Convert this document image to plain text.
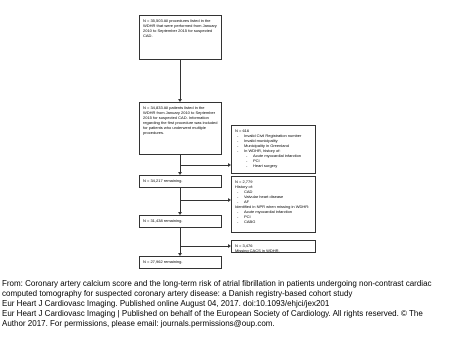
N = 35,503 All procedures listed in the WDHR that were performed from January 2010 to September 2015 for suspected CAD.

N = 34,833 All patients listed in the WDHR from January 2010 to September 2015 for suspected CAD. Information regarding the first procedure was included for patients who underwent multiple procedures.

N = 34,217 remaining.

N = 31,438 remaining.

N = 27,962 remaining.

N = 616

- Invalid Civil Registration number
- Invalid municipality
- Municipality in Greenland
- In WDHR, history of:
- Acute myocardial infarction
- PCI
- Heart surgery

N = 2,779

History of:

- CAD
- Valvular heart disease
- AF

Identified in NPR when missing in WDHR:

- Acute myocardial infarction
- PCI
- CABG

N = 3,476

Missing CACS in WDHR.

From: Coronary artery calcium score and the long-term risk of atrial fibrillation in patients undergoing non-contrast cardiac computed tomography for suspected coronary artery disease: a Danish registry-based cohort study
Eur Heart J Cardiovasc Imaging. Published online August 04, 2017. doi:10.1093/ehjci/jex201
Eur Heart J Cardiovasc Imaging | Published on behalf of the European Society of Cardiology. All rights reserved. © The Author 2017. For permissions, please email: journals.permissions@oup.com.
